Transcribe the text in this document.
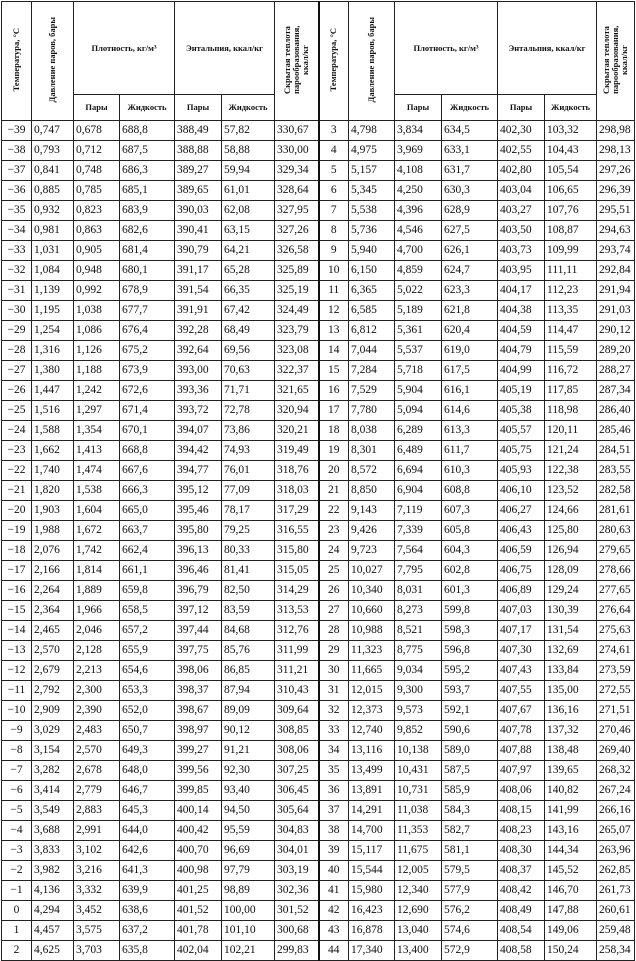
Температура, °С	Давление паров, бары	Плотность, кг/м³		Энтальпия, ккал/кг		Скрытая теплота парообразования, ккал/кг	Температура, °С	Давление паров, бары	Плотность, кг/м³		Энтальпия, ккал/кг		Скрытая теплота парообразования, ккал/кг
		Пары	Жидкость	Пары	Жидкость				Пары	Жидкость	Пары	Жидкость	
−39	0,747	0,678	688,8	388,49	57,82	330,67	3	4,798	3,834	634,5	402,30	103,32	298,98
−38	0,793	0,712	687,5	388,88	58,88	330,00	4	4,975	3,969	633,1	402,55	104,43	298,13
−37	0,841	0,748	686,3	389,27	59,94	329,34	5	5,157	4,108	631,7	402,80	105,54	297,26
−36	0,885	0,785	685,1	389,65	61,01	328,64	6	5,345	4,250	630,3	403,04	106,65	296,39
−35	0,932	0,823	683,9	390,03	62,08	327,95	7	5,538	4,396	628,9	403,27	107,76	295,51
−34	0,981	0,863	682,6	390,41	63,15	327,26	8	5,736	4,546	627,5	403,50	108,87	294,63
−33	1,031	0,905	681,4	390,79	64,21	326,58	9	5,940	4,700	626,1	403,73	109,99	293,74
−32	1,084	0,948	680,1	391,17	65,28	325,89	10	6,150	4,859	624,7	403,95	111,11	292,84
−31	1,139	0,992	678,9	391,54	66,35	325,19	11	6,365	5,022	623,3	404,17	112,23	291,94
−30	1,195	1,038	677,7	391,91	67,42	324,49	12	6,585	5,189	621,8	404,38	113,35	291,03
−29	1,254	1,086	676,4	392,28	68,49	323,79	13	6,812	5,361	620,4	404,59	114,47	290,12
−28	1,316	1,126	675,2	392,64	69,56	323,08	14	7,044	5,537	619,0	404,79	115,59	289,20
−27	1,380	1,188	673,9	393,00	70,63	322,37	15	7,284	5,718	617,5	404,99	116,72	288,27
−26	1,447	1,242	672,6	393,36	71,71	321,65	16	7,529	5,904	616,1	405,19	117,85	287,34
−25	1,516	1,297	671,4	393,72	72,78	320,94	17	7,780	5,094	614,6	405,38	118,98	286,40
−24	1,588	1,354	670,1	394,07	73,86	320,21	18	8,038	6,289	613,3	405,57	120,11	285,46
−23	1,662	1,413	668,8	394,42	74,93	319,49	19	8,301	6,489	611,7	405,75	121,24	284,51
−22	1,740	1,474	667,6	394,77	76,01	318,76	20	8,572	6,694	610,3	405,93	122,38	283,55
−21	1,820	1,538	666,3	395,12	77,09	318,03	21	8,850	6,904	608,8	406,10	123,52	282,58
−20	1,903	1,604	665,0	395,46	78,17	317,29	22	9,143	7,119	607,3	406,27	124,66	281,61
−19	1,988	1,672	663,7	395,80	79,25	316,55	23	9,426	7,339	605,8	406,43	125,80	280,63
−18	2,076	1,742	662,4	396,13	80,33	315,80	24	9,723	7,564	604,3	406,59	126,94	279,65
−17	2,166	1,814	661,1	396,46	81,41	315,05	25	10,027	7,795	602,8	406,75	128,09	278,66
−16	2,264	1,889	659,8	396,79	82,50	314,29	26	10,340	8,031	601,3	406,89	129,24	277,65
−15	2,364	1,966	658,5	397,12	83,59	313,53	27	10,660	8,273	599,8	407,03	130,39	276,64
−14	2,465	2,046	657,2	397,44	84,68	312,76	28	10,988	8,521	598,3	407,17	131,54	275,63
−13	2,570	2,128	655,9	397,75	85,76	311,99	29	11,323	8,775	596,8	407,30	132,69	274,61
−12	2,679	2,213	654,6	398,06	86,85	311,21	30	11,665	9,034	595,2	407,43	133,84	273,59
−11	2,792	2,300	653,3	398,37	87,94	310,43	31	12,015	9,300	593,7	407,55	135,00	272,55
−10	2,909	2,390	652,0	398,67	89,09	309,64	32	12,373	9,573	592,1	407,67	136,16	271,51
−9	3,029	2,483	650,7	398,97	90,12	308,85	33	12,740	9,852	590,6	407,78	137,32	270,46
−8	3,154	2,570	649,3	399,27	91,21	308,06	34	13,116	10,138	589,0	407,88	138,48	269,40
−7	3,282	2,678	648,0	399,56	92,30	307,25	35	13,499	10,431	587,5	407,97	139,65	268,32
−6	3,414	2,779	646,7	399,85	93,40	306,45	36	13,891	10,731	585,9	408,06	140,82	267,24
−5	3,549	2,883	645,3	400,14	94,50	305,64	37	14,291	11,038	584,3	408,15	141,99	266,16
−4	3,688	2,991	644,0	400,42	95,59	304,83	38	14,700	11,353	582,7	408,23	143,16	265,07
−3	3,833	3,102	642,6	400,70	96,69	304,01	39	15,117	11,675	581,1	408,30	144,34	263,96
−2	3,982	3,216	641,3	400,98	97,79	303,19	40	15,544	12,005	579,5	408,37	145,52	262,85
−1	4,136	3,332	639,9	401,25	98,89	302,36	41	15,980	12,340	577,9	408,42	146,70	261,73
0	4,294	3,452	638,6	401,52	100,00	301,52	42	16,423	12,690	576,2	408,49	147,88	260,61
1	4,457	3,575	637,2	401,78	101,10	300,68	43	16,878	13,040	574,6	408,54	149,06	259,48
2	4,625	3,703	635,8	402,04	102,21	299,83	44	17,340	13,400	572,9	408,58	150,24	258,34
